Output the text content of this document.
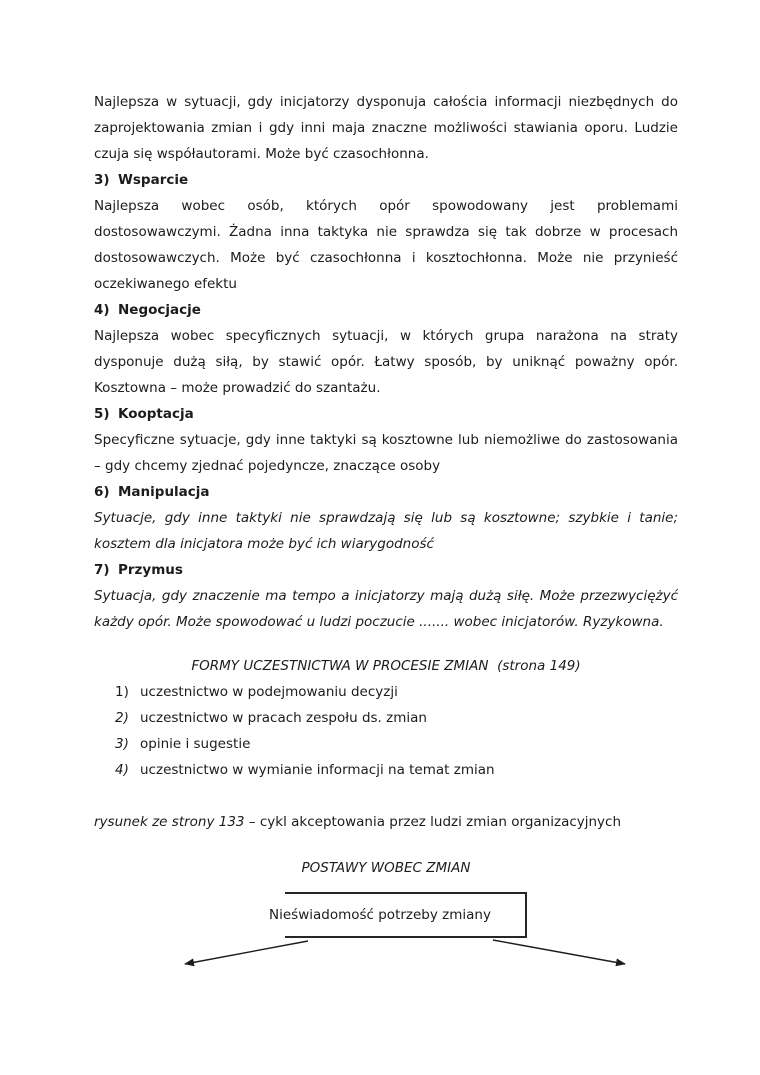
Najlepsza w sytuacji, gdy inicjatorzy dysponuja całościa informacji niezbędnych do zaprojektowania zmian i gdy inni maja znaczne możliwości stawiania oporu. Ludzie czuja się współautorami. Może być czasochłonna.

3) Wsparcie

Najlepsza wobec osób, których opór spowodowany jest problemami dostosowawczymi. Żadna inna taktyka nie sprawdza się tak dobrze w procesach dostosowawczych. Może być czasochłonna i kosztochłonna. Może nie przynieść oczekiwanego efektu

4) Negocjacje

Najlepsza wobec specyficznych sytuacji, w których grupa narażona na straty dysponuje dużą siłą, by stawić opór. Łatwy sposób, by uniknąć poważny opór. Kosztowna – może prowadzić do szantażu.

5) Kooptacja

Specyficzne sytuacje, gdy inne taktyki są kosztowne lub niemożliwe do zastosowania – gdy chcemy zjednać pojedyncze, znaczące osoby

6) Manipulacja

Sytuacje, gdy inne taktyki nie sprawdzają się lub są kosztowne; szybkie i tanie; kosztem dla inicjatora może być ich wiarygodność

7) Przymus

Sytuacja, gdy znaczenie ma tempo a inicjatorzy mają dużą siłę. Może przezwyciężyć każdy opór. Może spowodować u ludzi poczucie ....... wobec inicjatorów. Ryzykowna.

FORMY UCZESTNICTWA W PROCESIE ZMIAN  (strona 149)

1) uczestnictwo w podejmowaniu decyzji
2) uczestnictwo w pracach zespołu ds. zmian
3) opinie i sugestie
4) uczestnictwo w wymianie informacji na temat zmian

rysunek ze strony 133 – cykl akceptowania przez ludzi zmian organizacyjnych

POSTAWY WOBEC ZMIAN

Nieświadomość potrzeby zmiany
